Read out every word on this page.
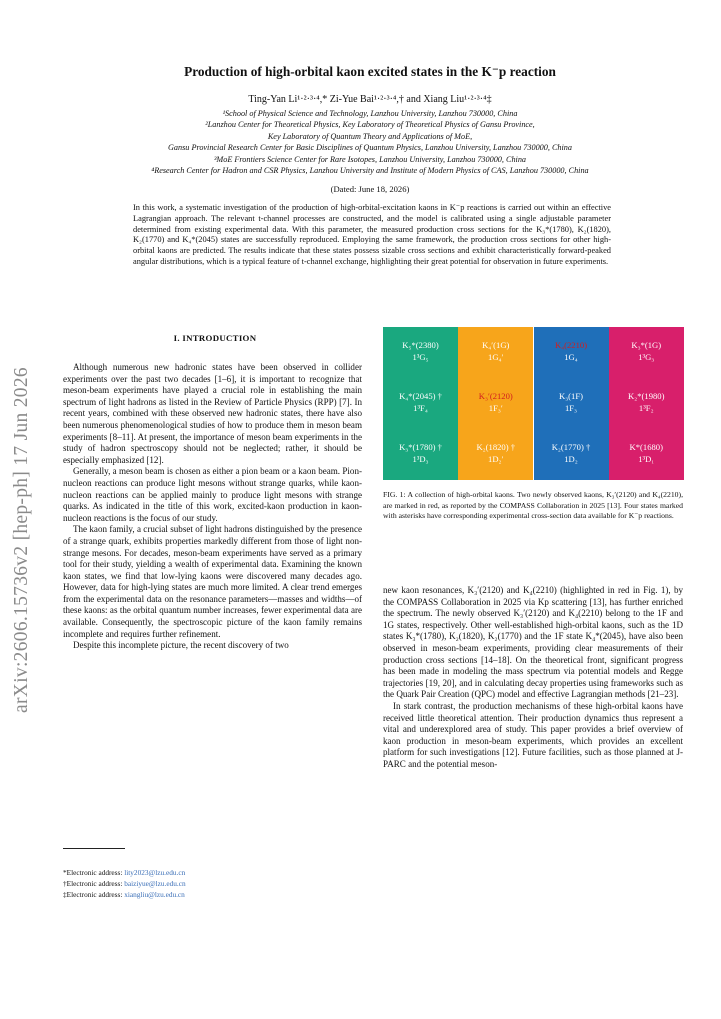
arXiv:2606.15736v2 [hep-ph] 17 Jun 2026
Production of high-orbital kaon excited states in the K⁻p reaction
Ting-Yan Li¹·²·³·⁴,* Zi-Yue Bai¹·²·³·⁴,† and Xiang Liu¹·²·³·⁴‡
¹School of Physical Science and Technology, Lanzhou University, Lanzhou 730000, China
²Lanzhou Center for Theoretical Physics, Key Laboratory of Theoretical Physics of Gansu Province,
Key Laboratory of Quantum Theory and Applications of MoE,
Gansu Provincial Research Center for Basic Disciplines of Quantum Physics, Lanzhou University, Lanzhou 730000, China
³MoE Frontiers Science Center for Rare Isotopes, Lanzhou University, Lanzhou 730000, China
⁴Research Center for Hadron and CSR Physics, Lanzhou University and Institute of Modern Physics of CAS, Lanzhou 730000, China
(Dated: June 18, 2026)
In this work, a systematic investigation of the production of high-orbital-excitation kaons in K⁻p reactions is carried out within an effective Lagrangian approach. The relevant t-channel processes are constructed, and the model is calibrated using a single adjustable parameter determined from existing experimental data. With this parameter, the measured production cross sections for the K₃*(1780), K₂(1820), K₂(1770) and K₄*(2045) states are successfully reproduced. Employing the same framework, the production cross sections for other high-orbital kaons are predicted. The results indicate that these states possess sizable cross sections and exhibit characteristically forward-peaked angular distributions, which is a typical feature of t-channel exchange, highlighting their great potential for observation in future experiments.
I. INTRODUCTION

Although numerous new hadronic states have been observed in collider experiments over the past two decades [1–6], it is important to recognize that meson-beam experiments have played a crucial role in establishing the main spectrum of light hadrons as listed in the Review of Particle Physics (RPP) [7]. In recent years, combined with these observed new hadronic states, there have also been numerous phenomenological studies of how to produce them in meson beam experiments [8–11]. At present, the importance of meson beam experiments in the study of hadron spectroscopy should not be neglected; rather, it should be especially emphasized [12].

Generally, a meson beam is chosen as either a pion beam or a kaon beam. Pion-nucleon reactions can produce light mesons without strange quarks, while kaon-nucleon reactions can be applied mainly to produce light mesons with strange quarks. As indicated in the title of this work, excited-kaon production in kaon-nucleon reactions is the focus of our study.

The kaon family, a crucial subset of light hadrons distinguished by the presence of a strange quark, exhibits properties markedly different from those of light non-strange mesons. For decades, meson-beam experiments have served as a primary tool for their study, yielding a wealth of experimental data. Examining the known kaon states, we find that low-lying kaons were discovered many decades ago. However, data for high-lying states are much more limited. A clear trend emerges from the experimental data on the resonance parameters—masses and widths—of these kaons: as the orbital quantum number increases, fewer experimental data are available. Consequently, the spectroscopic picture of the kaon family remains incomplete and requires further refinement.

Despite this incomplete picture, the recent discovery of two

K₅*(2380)
1³G₅
K₄*(2045) †
1³F₄
K₃*(1780) †
1³D₃
K₄′(1G)
1G₄′
K₃′(2120)
1F₃′
K₂(1820) †
1D₂′
K₄(2210)
1G₄
K₃(1F)
1F₃
K₂(1770) †
1D₂
K₃*(1G)
1³G₃
K₂*(1980)
1³F₂
K*(1680)
1³D₁
FIG. 1: A collection of high-orbital kaons. Two newly observed kaons, K₃′(2120) and K₄(2210), are marked in red, as reported by the COMPASS Collaboration in 2025 [13]. Four states marked with asterisks have corresponding experimental cross-section data available for K⁻p reactions.

new kaon resonances, K₃′(2120) and K₄(2210) (highlighted in red in Fig. 1), by the COMPASS Collaboration in 2025 via Kp scattering [13], has further enriched the spectrum. The newly observed K₃′(2120) and K₄(2210) belong to the 1F and 1G states, respectively. Other well-established high-orbital kaons, such as the 1D states K₃*(1780), K₂(1820), K₂(1770) and the 1F state K₄*(2045), have also been observed in meson-beam experiments, providing clear measurements of their production cross sections [14–18]. On the theoretical front, significant progress has been made in modeling the mass spectrum via potential models and Regge trajectories [19, 20], and in calculating decay properties using frameworks such as the Quark Pair Creation (QPC) model and effective Lagrangian methods [21–23].

In stark contrast, the production mechanisms of these high-orbital kaons have received little theoretical attention. Their production dynamics thus represent a vital and underexplored area of study. This paper provides a brief overview of kaon production in meson-beam experiments, which provides an excellent platform for such investigations [12]. Future facilities, such as those planned at J-PARC and the potential meson-

*Electronic address: lity2023@lzu.edu.cn
†Electronic address: baiziyue@lzu.edu.cn
‡Electronic address: xiangliu@lzu.edu.cn
